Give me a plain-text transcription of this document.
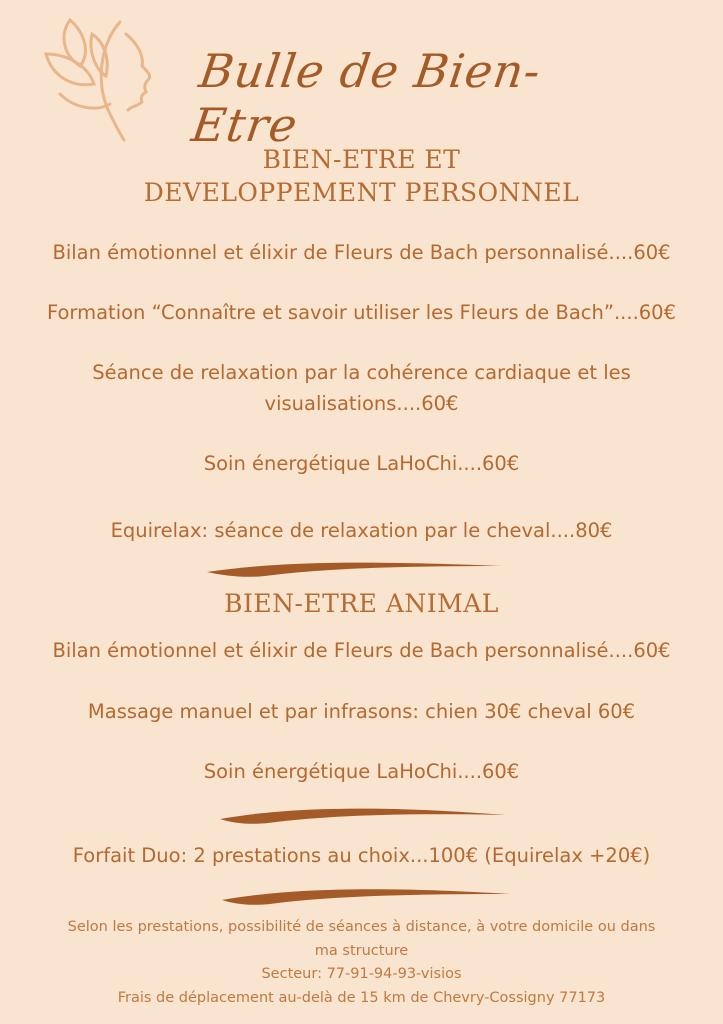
Bulle de Bien-Etre
BIEN-ETRE ET
DEVELOPPEMENT PERSONNEL
Bilan émotionnel et élixir de Fleurs de Bach personnalisé....60€
Formation “Connaître et savoir utiliser les Fleurs de Bach”....60€
Séance de relaxation par la cohérence cardiaque et les
visualisations....60€
Soin énergétique LaHoChi....60€
Equirelax: séance de relaxation par le cheval....80€
BIEN-ETRE ANIMAL
Bilan émotionnel et élixir de Fleurs de Bach personnalisé....60€
Massage manuel et par infrasons: chien 30€ cheval 60€
Soin énergétique LaHoChi....60€
Forfait Duo: 2 prestations au choix...100€ (Equirelax +20€)
Selon les prestations, possibilité de séances à distance, à votre domicile ou dans
ma structure
Secteur: 77-91-94-93-visios
Frais de déplacement au-delà de 15 km de Chevry-Cossigny 77173
